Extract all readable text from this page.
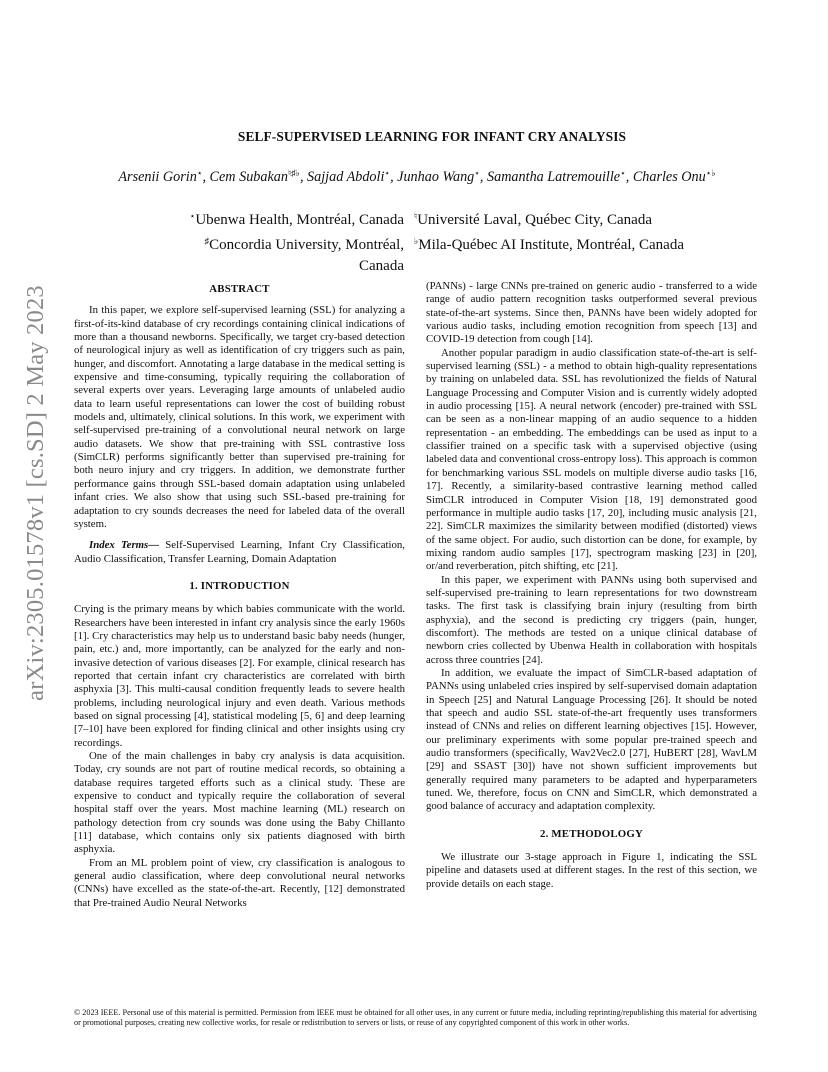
arXiv:2305.01578v1 [cs.SD] 2 May 2023
SELF-SUPERVISED LEARNING FOR INFANT CRY ANALYSIS
Arsenii Gorin⋆, Cem Subakan♮♯♭, Sajjad Abdoli⋆, Junhao Wang⋆, Samantha Latremouille⋆, Charles Onu⋆♭
⋆Ubenwa Health, Montréal, Canada
♯Concordia University, Montréal, Canada
♮Université Laval, Québec City, Canada
♭Mila-Québec AI Institute, Montréal, Canada
ABSTRACT

In this paper, we explore self-supervised learning (SSL) for analyzing a first-of-its-kind database of cry recordings containing clinical indications of more than a thousand newborns. Specifically, we target cry-based detection of neurological injury as well as identification of cry triggers such as pain, hunger, and discomfort. Annotating a large database in the medical setting is expensive and time-consuming, typically requiring the collaboration of several experts over years. Leveraging large amounts of unlabeled audio data to learn useful representations can lower the cost of building robust models and, ultimately, clinical solutions. In this work, we experiment with self-supervised pre-training of a convolutional neural network on large audio datasets. We show that pre-training with SSL contrastive loss (SimCLR) performs significantly better than supervised pre-training for both neuro injury and cry triggers. In addition, we demonstrate further performance gains through SSL-based domain adaptation using unlabeled infant cries. We also show that using such SSL-based pre-training for adaptation to cry sounds decreases the need for labeled data of the overall system.

Index Terms— Self-Supervised Learning, Infant Cry Classification, Audio Classification, Transfer Learning, Domain Adaptation

1. INTRODUCTION

Crying is the primary means by which babies communicate with the world. Researchers have been interested in infant cry analysis since the early 1960s [1]. Cry characteristics may help us to understand basic baby needs (hunger, pain, etc.) and, more importantly, can be analyzed for the early and non-invasive detection of various diseases [2]. For example, clinical research has reported that certain infant cry characteristics are correlated with birth asphyxia [3]. This multi-causal condition frequently leads to severe health problems, including neurological injury and even death. Various methods based on signal processing [4], statistical modeling [5, 6] and deep learning [7–10] have been explored for finding clinical and other insights using cry recordings.

One of the main challenges in baby cry analysis is data acquisition. Today, cry sounds are not part of routine medical records, so obtaining a database requires targeted efforts such as a clinical study. These are expensive to conduct and typically require the collaboration of several hospital staff over the years. Most machine learning (ML) research on pathology detection from cry sounds was done using the Baby Chillanto [11] database, which contains only six patients diagnosed with birth asphyxia.

From an ML problem point of view, cry classification is analogous to general audio classification, where deep convolutional neural networks (CNNs) have excelled as the state-of-the-art. Recently, [12] demonstrated that Pre-trained Audio Neural Networks

(PANNs) - large CNNs pre-trained on generic audio - transferred to a wide range of audio pattern recognition tasks outperformed several previous state-of-the-art systems. Since then, PANNs have been widely adopted for various audio tasks, including emotion recognition from speech [13] and COVID-19 detection from cough [14].

Another popular paradigm in audio classification state-of-the-art is self-supervised learning (SSL) - a method to obtain high-quality representations by training on unlabeled data. SSL has revolutionized the fields of Natural Language Processing and Computer Vision and is currently widely adopted in audio processing [15]. A neural network (encoder) pre-trained with SSL can be seen as a non-linear mapping of an audio sequence to a hidden representation - an embedding. The embeddings can be used as input to a classifier trained on a specific task with a supervised objective (using labeled data and conventional cross-entropy loss). This approach is common for benchmarking various SSL models on multiple diverse audio tasks [16, 17]. Recently, a similarity-based contrastive learning method called SimCLR introduced in Computer Vision [18, 19] demonstrated good performance in multiple audio tasks [17, 20], including music analysis [21, 22]. SimCLR maximizes the similarity between modified (distorted) views of the same object. For audio, such distortion can be done, for example, by mixing random audio samples [17], spectrogram masking [23] in [20], or/and reverberation, pitch shifting, etc [21].

In this paper, we experiment with PANNs using both supervised and self-supervised pre-training to learn representations for two downstream tasks. The first task is classifying brain injury (resulting from birth asphyxia), and the second is predicting cry triggers (pain, hunger, discomfort). The methods are tested on a unique clinical database of newborn cries collected by Ubenwa Health in collaboration with hospitals across three countries [24].

In addition, we evaluate the impact of SimCLR-based adaptation of PANNs using unlabeled cries inspired by self-supervised domain adaptation in Speech [25] and Natural Language Processing [26]. It should be noted that speech and audio SSL state-of-the-art frequently uses transformers instead of CNNs and relies on different learning objectives [15]. However, our preliminary experiments with some popular pre-trained speech and audio transformers (specifically, Wav2Vec2.0 [27], HuBERT [28], WavLM [29] and SSAST [30]) have not shown sufficient improvements but generally required many parameters to be adapted and hyperparameters tuned. We, therefore, focus on CNN and SimCLR, which demonstrated a good balance of accuracy and adaptation complexity.

2. METHODOLOGY

We illustrate our 3-stage approach in Figure 1, indicating the SSL pipeline and datasets used at different stages. In the rest of this section, we provide details on each stage.

© 2023 IEEE. Personal use of this material is permitted. Permission from IEEE must be obtained for all other uses, in any current or future media, including reprinting/republishing this material for advertising or promotional purposes, creating new collective works, for resale or redistribution to servers or lists, or reuse of any copyrighted component of this work in other works.
